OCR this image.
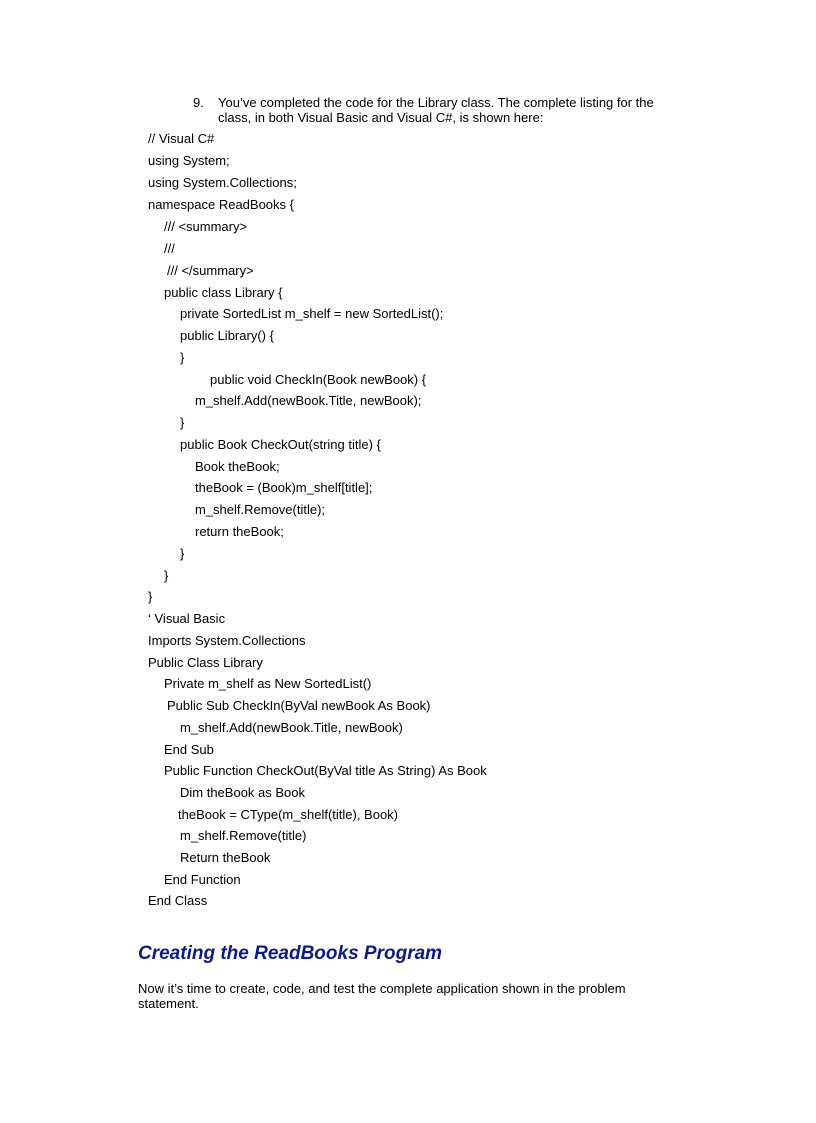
9.	You’ve completed the code for the Library class. The complete listing for the class, in both Visual Basic and Visual C#, is shown here:
// Visual C#
using System;
using System.Collections;
namespace ReadBooks {
/// <summary>
///
/// </summary>
public class Library {
private SortedList m_shelf = new SortedList();
public Library() {
}
public void CheckIn(Book newBook) {
m_shelf.Add(newBook.Title, newBook);
}
public Book CheckOut(string title) {
Book theBook;
theBook = (Book)m_shelf[title];
m_shelf.Remove(title);
return theBook;
}
}
}
‘ Visual Basic
Imports System.Collections
Public Class Library
Private m_shelf as New SortedList()
Public Sub CheckIn(ByVal newBook As Book)
m_shelf.Add(newBook.Title, newBook)
End Sub
Public Function CheckOut(ByVal title As String) As Book
Dim theBook as Book
theBook = CType(m_shelf(title), Book)
m_shelf.Remove(title)
Return theBook
End Function
End Class
Creating the ReadBooks Program
Now it’s time to create, code, and test the complete application shown in the problem statement.
